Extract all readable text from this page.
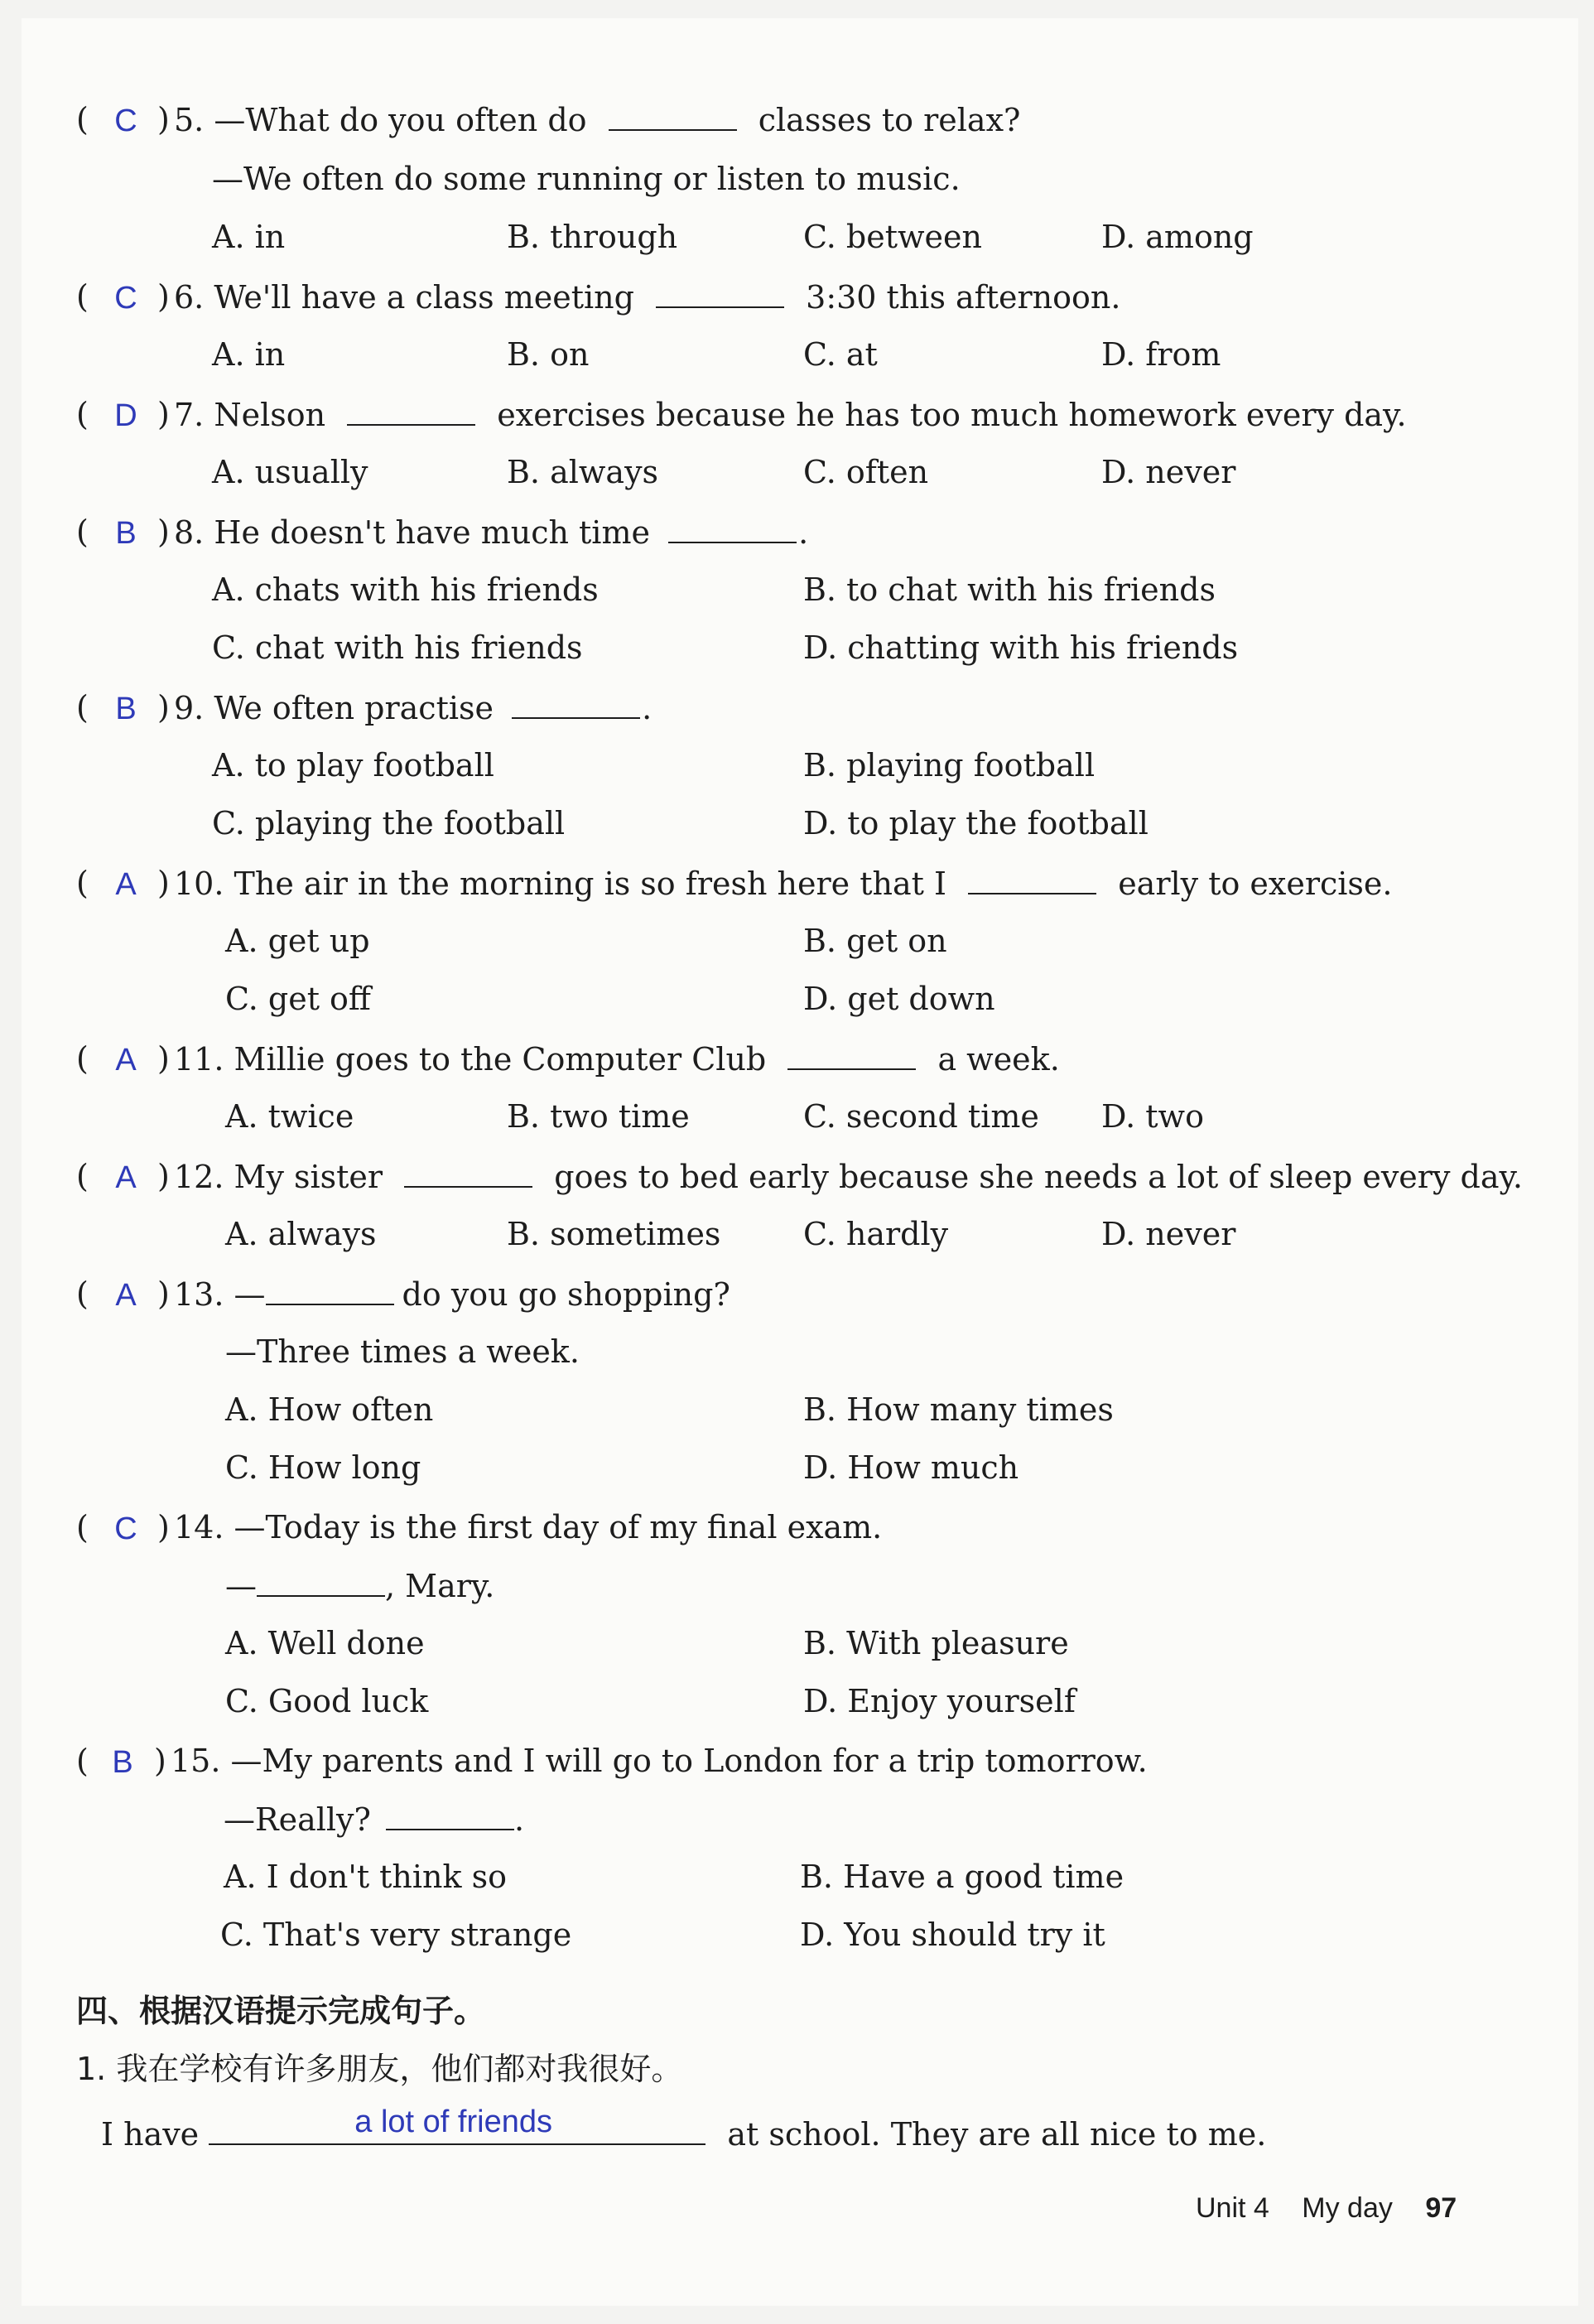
( C ) 5. —What do you often do	classes to relax?
—We often do some running or listen to music.
A. in	B. through	C. between	D. among
( C ) 6. We'll have a class meeting	3:30 this afternoon.
A. in	B. on	C. at	D. from
( D ) 7. Nelson	exercises because he has too much homework every day.
A. usually	B. always	C. often	D. never
( B ) 8. He doesn't have much time	.
A. chats with his friends	B. to chat with his friends
C. chat with his friends	D. chatting with his friends
( B ) 9. We often practise	.
A. to play football	B. playing football
C. playing the football	D. to play the football
( A ) 10. The air in the morning is so fresh here that I	early to exercise.
A. get up	B. get on
C. get off	D. get down
( A ) 11. Millie goes to the Computer Club	a week.
A. twice	B. two time	C. second time D. two
( A ) 12. My sister	goes to bed early because she needs a lot of sleep every day.
A. always	B. sometimes	C. hardly	D. never
( A ) 13. —	do you go shopping?
—Three times a week.
A. How often	B. How many times
C. How long	D. How much
( C ) 14. —Today is the first day of my final exam.
—	, Mary.
A. Well done	B. With pleasure
C. Good luck	D. Enjoy yourself
( B ) 15. —My parents and I will go to London for a trip tomorrow.
—Really?	.
A. I don't think so	B. Have a good time
C. That's very strange	D. You should try it
四、根据汉语提示完成句子。
1. 我在学校有许多朋友，他们都对我很好。
I have	a lot of friends	at school. They are all nice to me.
Unit 4 My day 97
